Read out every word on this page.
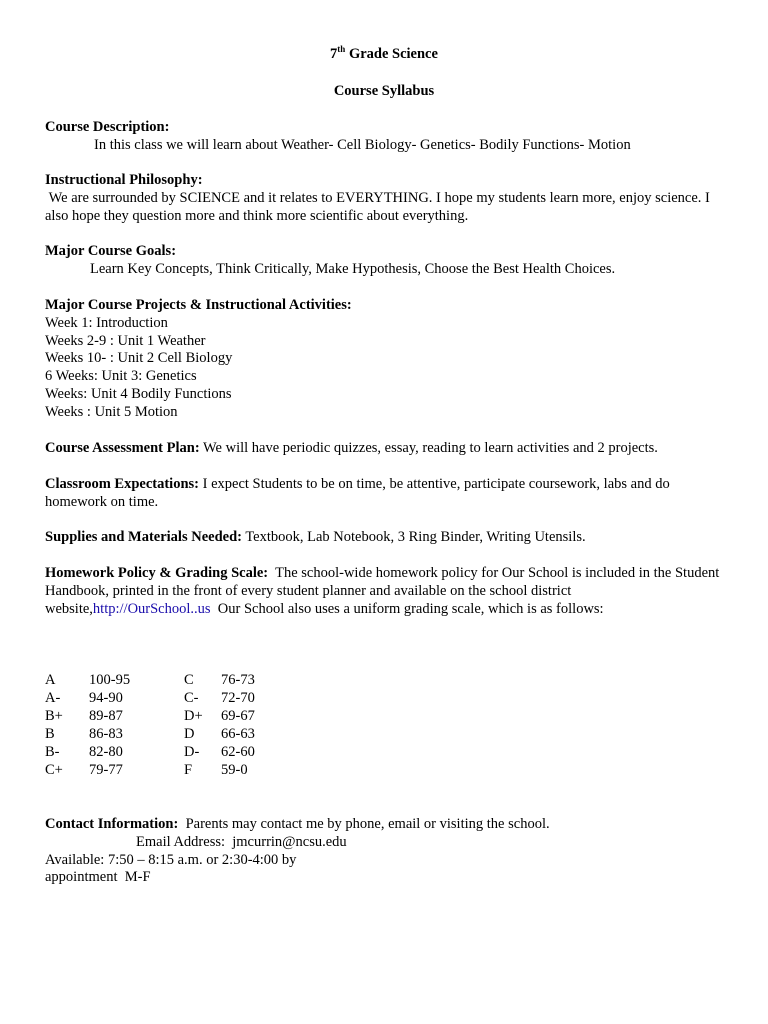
7th Grade Science
Course Syllabus
Course Description:
In this class we will learn about Weather- Cell Biology- Genetics- Bodily Functions- Motion
Instructional Philosophy:
We are surrounded by SCIENCE and it relates to EVERYTHING. I hope my students learn more, enjoy science. I also hope they question more and think more scientific about everything.
Major Course Goals:
Learn Key Concepts, Think Critically, Make Hypothesis, Choose the Best Health Choices.
Major Course Projects & Instructional Activities:
Week 1: Introduction
Weeks 2-9 : Unit 1 Weather
Weeks 10- : Unit 2 Cell Biology
6 Weeks: Unit 3: Genetics
Weeks: Unit 4 Bodily Functions
Weeks : Unit 5 Motion
Course Assessment Plan: We will have periodic quizzes, essay, reading to learn activities and 2 projects.
Classroom Expectations: I expect Students to be on time, be attentive, participate coursework, labs and do homework on time.
Supplies and Materials Needed: Textbook, Lab Notebook, 3 Ring Binder, Writing Utensils.
Homework Policy & Grading Scale:  The school-wide homework policy for Our School is included in the Student Handbook, printed in the front of every student planner and available on the school district website,http://OurSchool..us  Our School also uses a uniform grading scale, which is as follows:
A 100-95	C 76-73
A- 94-90	C- 72-70
B+ 89-87	D+ 69-67
B 86-83	D 66-63
B- 82-80	D- 62-60
C+ 79-77	F 59-0
Contact Information:  Parents may contact me by phone, email or visiting the school.
Email Address:  jmcurrin@ncsu.edu
Available: 7:50 – 8:15 a.m. or 2:30-4:00 by
appointment  M-F
